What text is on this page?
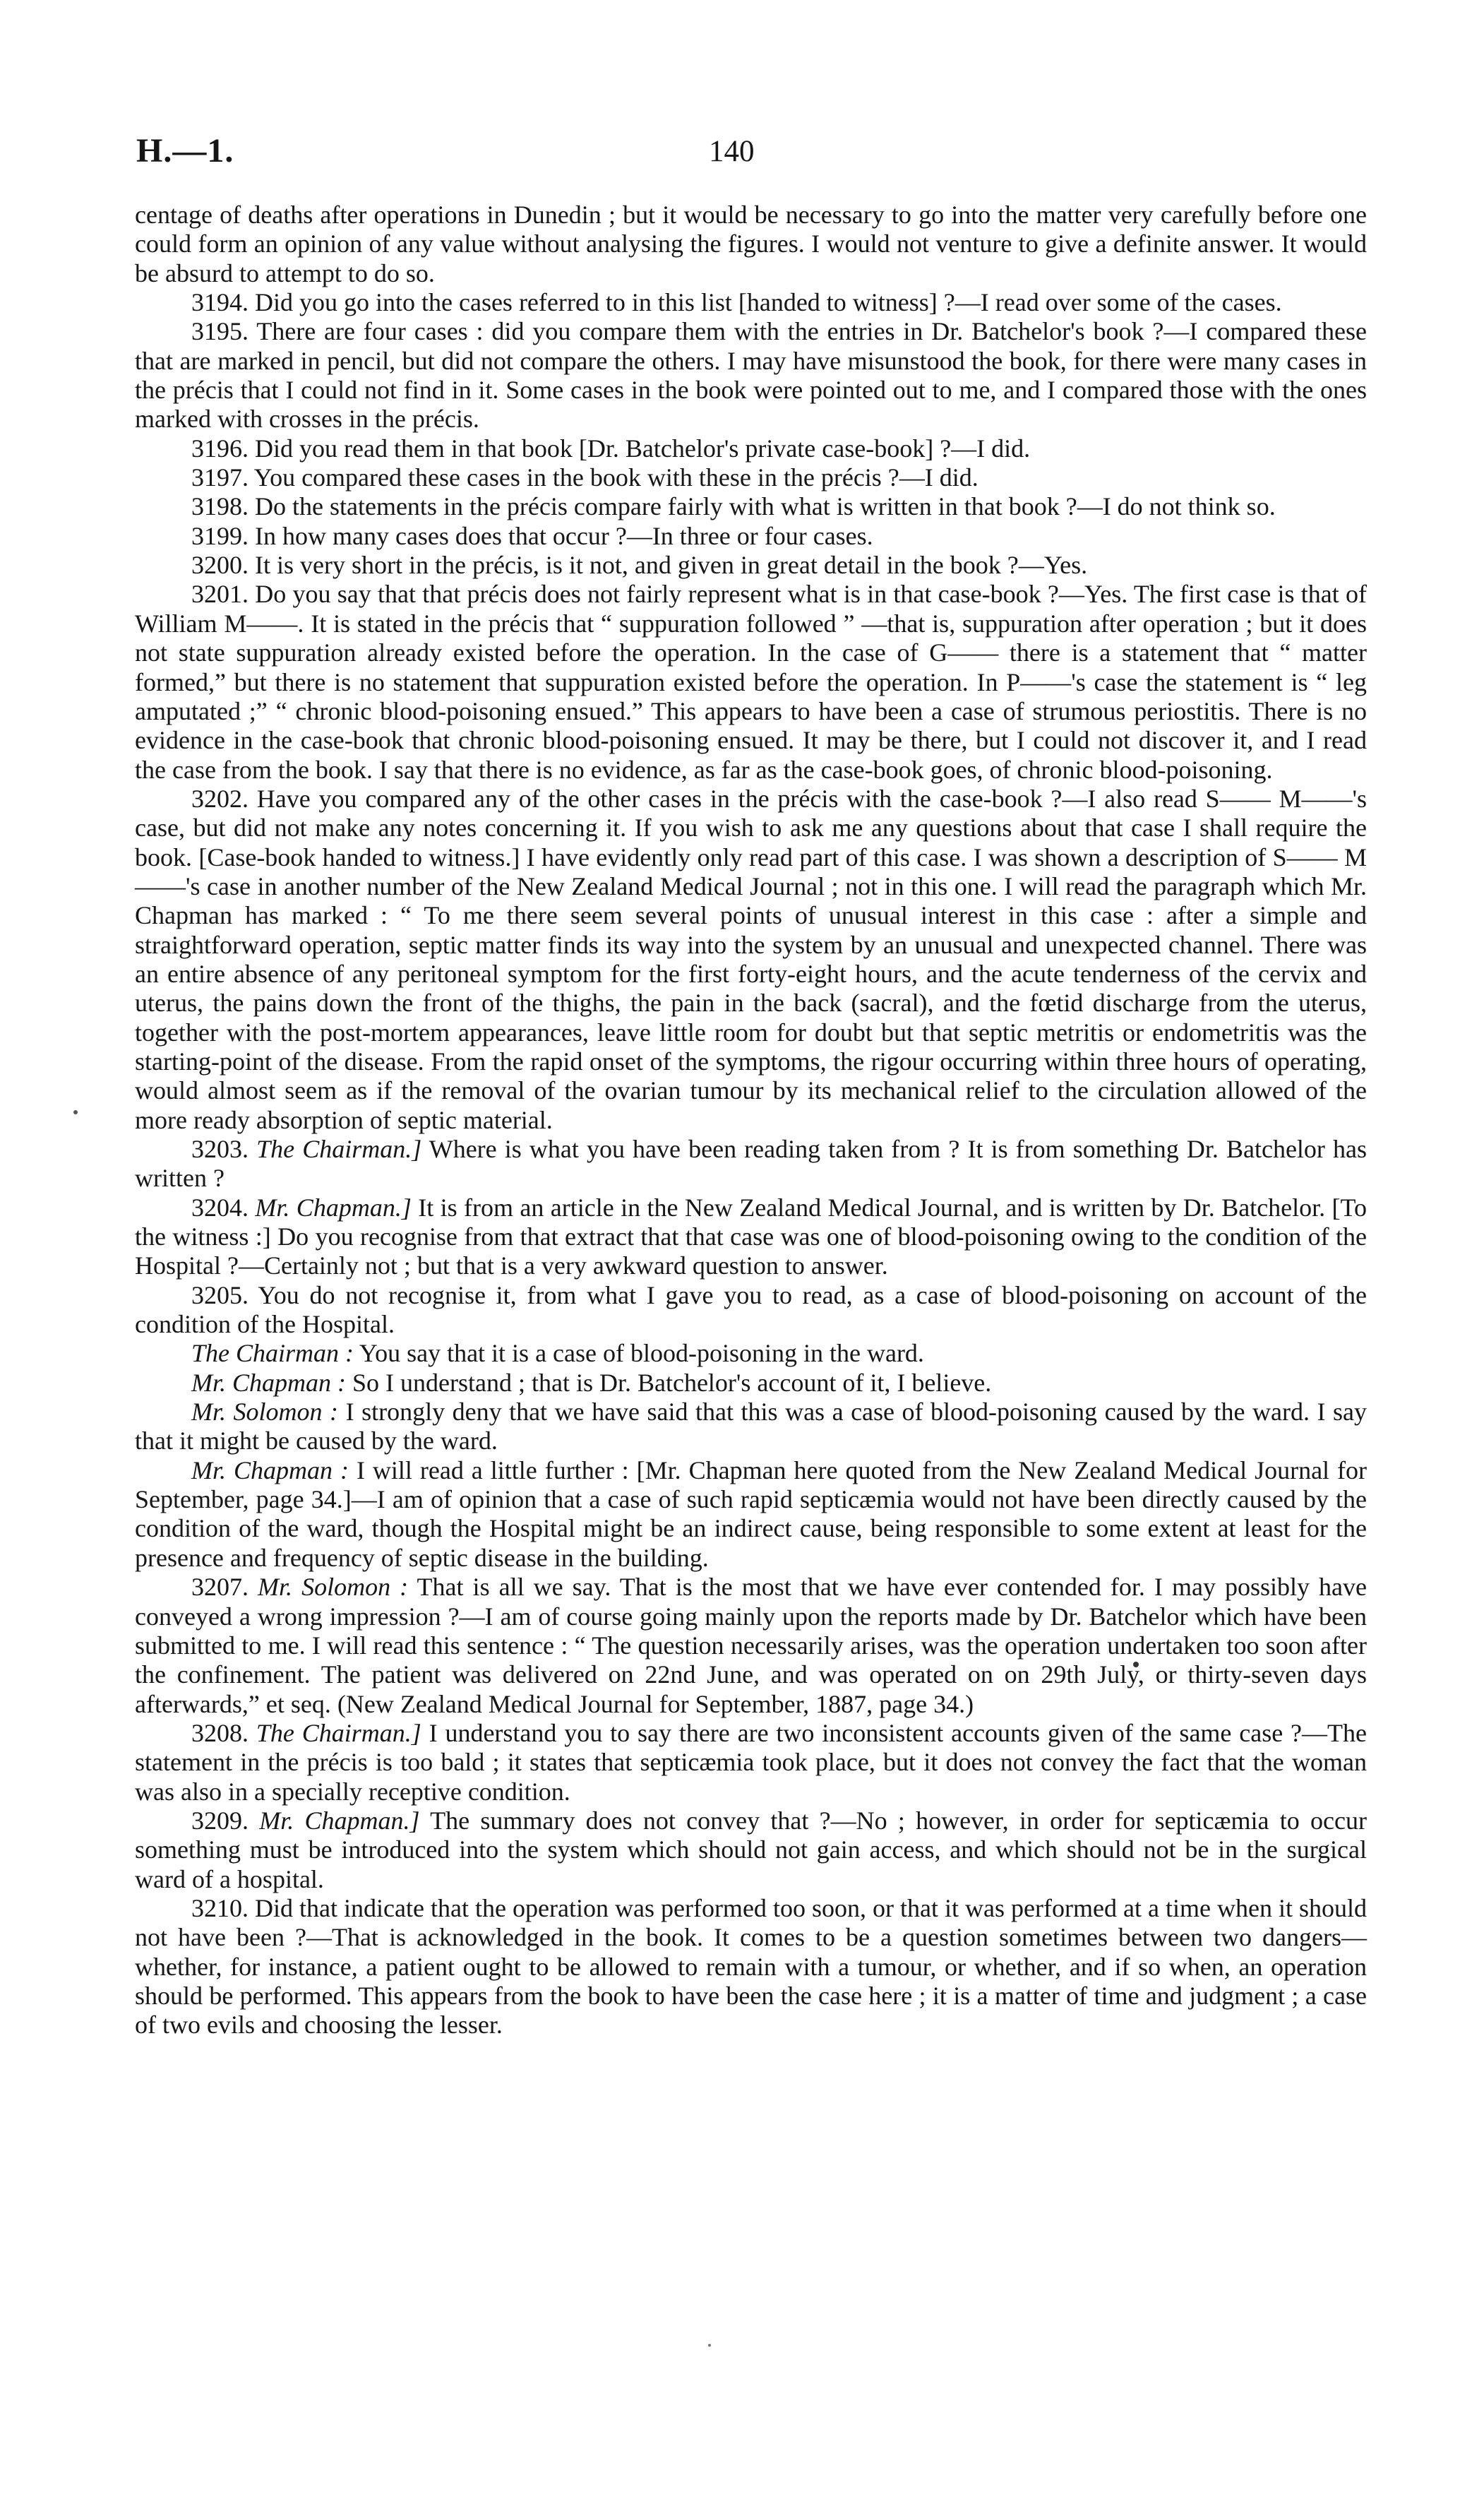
H.—1.	140

centage of deaths after operations in Dunedin ; but it would be necessary to go into the matter very carefully before one could form an opinion of any value without analysing the figures. I would not venture to give a definite answer. It would be absurd to attempt to do so.

3194. Did you go into the cases referred to in this list [handed to witness] ?—I read over some of the cases.

3195. There are four cases : did you compare them with the entries in Dr. Batchelor's book ?—I compared these that are marked in pencil, but did not compare the others. I may have misunstood the book, for there were many cases in the précis that I could not find in it. Some cases in the book were pointed out to me, and I compared those with the ones marked with crosses in the précis.

3196. Did you read them in that book [Dr. Batchelor's private case-book] ?—I did.

3197. You compared these cases in the book with these in the précis ?—I did.

3198. Do the statements in the précis compare fairly with what is written in that book ?—I do not think so.

3199. In how many cases does that occur ?—In three or four cases.

3200. It is very short in the précis, is it not, and given in great detail in the book ?—Yes.

3201. Do you say that that précis does not fairly represent what is in that case-book ?—Yes. The first case is that of William M——. It is stated in the précis that “ suppuration followed ” —that is, suppuration after operation ; but it does not state suppuration already existed before the operation. In the case of G—— there is a statement that “ matter formed,” but there is no statement that suppuration existed before the operation. In P——'s case the statement is “ leg amputated ;” “ chronic blood-poisoning ensued.” This appears to have been a case of strumous periostitis. There is no evidence in the case-book that chronic blood-poisoning ensued. It may be there, but I could not discover it, and I read the case from the book. I say that there is no evidence, as far as the case-book goes, of chronic blood-poisoning.

3202. Have you compared any of the other cases in the précis with the case-book ?—I also read S—— M——'s case, but did not make any notes concerning it. If you wish to ask me any questions about that case I shall require the book. [Case-book handed to witness.] I have evidently only read part of this case. I was shown a description of S—— M——'s case in another number of the New Zealand Medical Journal ; not in this one. I will read the paragraph which Mr. Chapman has marked : “ To me there seem several points of unusual interest in this case : after a simple and straightforward operation, septic matter finds its way into the system by an unusual and unexpected channel. There was an entire absence of any peritoneal symptom for the first forty-eight hours, and the acute tenderness of the cervix and uterus, the pains down the front of the thighs, the pain in the back (sacral), and the fœtid discharge from the uterus, together with the post-mortem appearances, leave little room for doubt but that septic metritis or endometritis was the starting-point of the disease. From the rapid onset of the symptoms, the rigour occurring within three hours of operating, would almost seem as if the removal of the ovarian tumour by its mechanical relief to the circulation allowed of the more ready absorption of septic material.

3203. The Chairman.] Where is what you have been reading taken from ? It is from something Dr. Batchelor has written ?

3204. Mr. Chapman.] It is from an article in the New Zealand Medical Journal, and is written by Dr. Batchelor. [To the witness :] Do you recognise from that extract that that case was one of blood-poisoning owing to the condition of the Hospital ?—Certainly not ; but that is a very awkward question to answer.

3205. You do not recognise it, from what I gave you to read, as a case of blood-poisoning on account of the condition of the Hospital.

The Chairman : You say that it is a case of blood-poisoning in the ward.

Mr. Chapman : So I understand ; that is Dr. Batchelor's account of it, I believe.

Mr. Solomon : I strongly deny that we have said that this was a case of blood-poisoning caused by the ward. I say that it might be caused by the ward.

Mr. Chapman : I will read a little further : [Mr. Chapman here quoted from the New Zealand Medical Journal for September, page 34.]—I am of opinion that a case of such rapid septicæmia would not have been directly caused by the condition of the ward, though the Hospital might be an indirect cause, being responsible to some extent at least for the presence and frequency of septic disease in the building.

3207. Mr. Solomon : That is all we say. That is the most that we have ever contended for. I may possibly have conveyed a wrong impression ?—I am of course going mainly upon the reports made by Dr. Batchelor which have been submitted to me. I will read this sentence : “ The question necessarily arises, was the operation undertaken too soon after the confinement. The patient was delivered on 22nd June, and was operated on on 29th July, or thirty-seven days afterwards,” et seq. (New Zealand Medical Journal for September, 1887, page 34.)

3208. The Chairman.] I understand you to say there are two inconsistent accounts given of the same case ?—The statement in the précis is too bald ; it states that septicæmia took place, but it does not convey the fact that the woman was also in a specially receptive condition.

3209. Mr. Chapman.] The summary does not convey that ?—No ; however, in order for septicæmia to occur something must be introduced into the system which should not gain access, and which should not be in the surgical ward of a hospital.

3210. Did that indicate that the operation was performed too soon, or that it was performed at a time when it should not have been ?—That is acknowledged in the book. It comes to be a question sometimes between two dangers—whether, for instance, a patient ought to be allowed to remain with a tumour, or whether, and if so when, an operation should be performed. This appears from the book to have been the case here ; it is a matter of time and judgment ; a case of two evils and choosing the lesser.
